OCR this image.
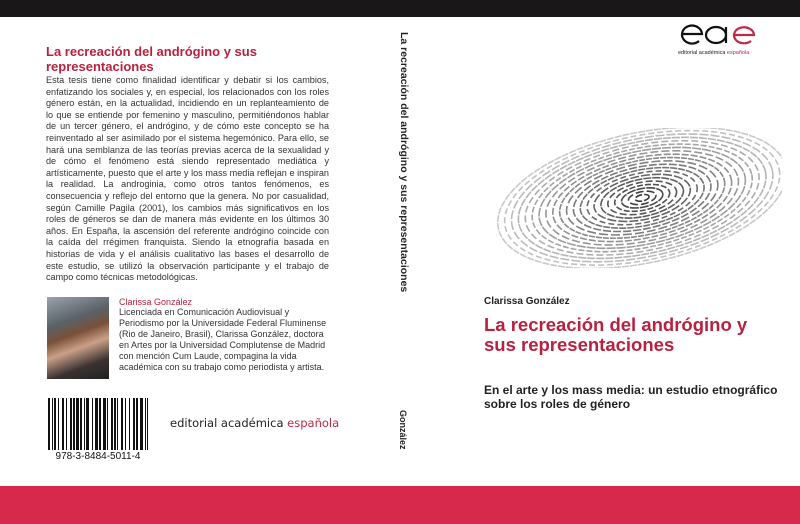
La recreación del andrógino y sus representaciones
Esta tesis tiene como finalidad identificar y debatir si los cambios, enfatizando los sociales y, en especial, los relacionados con los roles género están, en la actualidad, incidiendo en un replanteamiento de lo que se entiende por femenino y masculino, permitiéndonos hablar de un tercer género, el andrógino, y de cómo este concepto se ha reinventado al ser asimilado por el sistema hegemónico. Para ello, se hará una semblanza de las teorías previas acerca de la sexualidad y de cómo el fenómeno está siendo representado mediática y artísticamente, puesto que el arte y los mass media reflejan e inspiran la realidad. La androginia, como otros tantos fenómenos, es consecuencia y reflejo del entorno que la genera. No por casualidad, según Camille Pagila (2001), los cambios más significativos en los roles de géneros se dan de manera más evidente en los últimos 30 años. En España, la ascensión del referente andrógino coincide con la caída del rrégimen franquista. Siendo la etnografía basada en historias de vida y el análisis cualitativo las bases el desarrollo de este estudio, se utilizó la observación participante y el trabajo de campo como técnicas metodológicas.
Clarissa González
Licenciada en Comunicación Audiovisual y Periodismo por la Universidade Federal Fluminense (Rio de Janeiro, Brasil), Clarissa González, doctora en Artes por la Universidad Complutense de Madrid con mención Cum Laude, compagina la vida académica con su trabajo como periodista y artista.
978-3-8484-5011-4
editorial académica española
La recreación del andrógino y sus representaciones
González
editorial académica española
Clarissa González
La recreación del andrógino y sus representaciones
En el arte y los mass media: un estudio etnográfico sobre los roles de género
